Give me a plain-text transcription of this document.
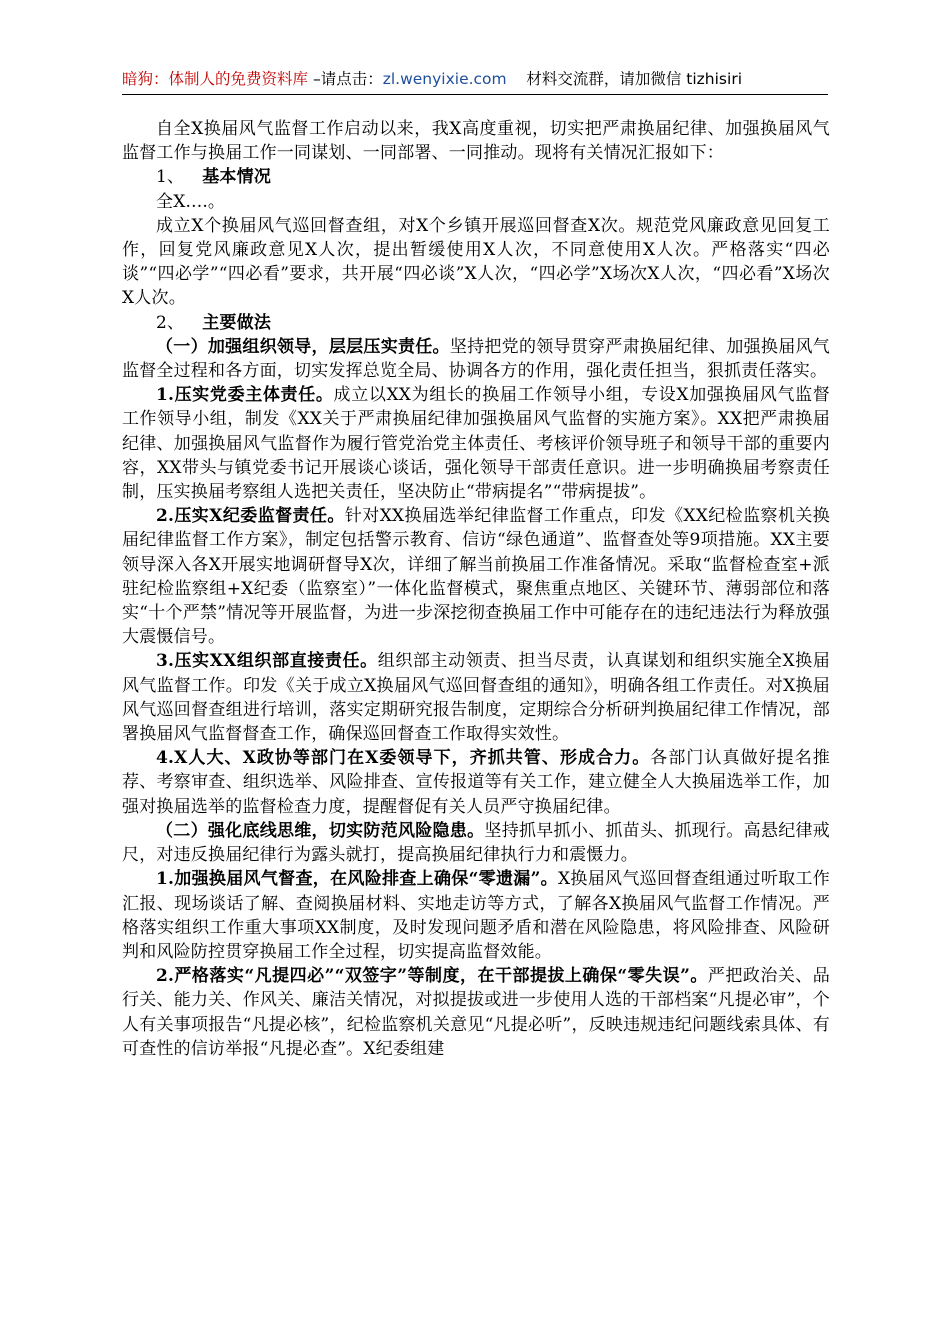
暗狗：体制人的免费资料库 –请点击：zl.wenyixie.com 材料交流群，请加微信 tizhisiri

自全X换届风气监督工作启动以来，我X高度重视，切实把严肃换届纪律、加强换届风气监督工作与换届工作一同谋划、一同部署、一同推动。现将有关情况汇报如下：

1、 基本情况

全X....。

成立X个换届风气巡回督查组，对X个乡镇开展巡回督查X次。规范党风廉政意见回复工作，回复党风廉政意见X人次，提出暂缓使用X人次，不同意使用X人次。严格落实“四必谈”“四必学”“四必看”要求，共开展“四必谈”X人次，“四必学”X场次X人次，“四必看”X场次X人次。

2、 主要做法

（一）加强组织领导，层层压实责任。坚持把党的领导贯穿严肃换届纪律、加强换届风气监督全过程和各方面，切实发挥总览全局、协调各方的作用，强化责任担当，狠抓责任落实。

1.压实党委主体责任。成立以XX为组长的换届工作领导小组，专设X加强换届风气监督工作领导小组，制发《XX关于严肃换届纪律加强换届风气监督的实施方案》。XX把严肃换届纪律、加强换届风气监督作为履行管党治党主体责任、考核评价领导班子和领导干部的重要内容，XX带头与镇党委书记开展谈心谈话，强化领导干部责任意识。进一步明确换届考察责任制，压实换届考察组人选把关责任，坚决防止“带病提名”“带病提拔”。

2.压实X纪委监督责任。针对XX换届选举纪律监督工作重点，印发《XX纪检监察机关换届纪律监督工作方案》，制定包括警示教育、信访“绿色通道”、监督查处等9项措施。XX主要领导深入各X开展实地调研督导X次，详细了解当前换届工作准备情况。采取“监督检查室+派驻纪检监察组+X纪委（监察室）”一体化监督模式，聚焦重点地区、关键环节、薄弱部位和落实“十个严禁”情况等开展监督，为进一步深挖彻查换届工作中可能存在的违纪违法行为释放强大震慑信号。

3.压实XX组织部直接责任。组织部主动领责、担当尽责，认真谋划和组织实施全X换届风气监督工作。印发《关于成立X换届风气巡回督查组的通知》，明确各组工作责任。对X换届风气巡回督查组进行培训，落实定期研究报告制度，定期综合分析研判换届纪律工作情况，部署换届风气监督督查工作，确保巡回督查工作取得实效性。

4.X人大、X政协等部门在X委领导下，齐抓共管、形成合力。各部门认真做好提名推荐、考察审查、组织选举、风险排查、宣传报道等有关工作，建立健全人大换届选举工作，加强对换届选举的监督检查力度，提醒督促有关人员严守换届纪律。

（二）强化底线思维，切实防范风险隐患。坚持抓早抓小、抓苗头、抓现行。高悬纪律戒尺，对违反换届纪律行为露头就打，提高换届纪律执行力和震慑力。

1.加强换届风气督查，在风险排查上确保“零遗漏”。X换届风气巡回督查组通过听取工作汇报、现场谈话了解、查阅换届材料、实地走访等方式，了解各X换届风气监督工作情况。严格落实组织工作重大事项XX制度，及时发现问题矛盾和潜在风险隐患，将风险排查、风险研判和风险防控贯穿换届工作全过程，切实提高监督效能。

2.严格落实“凡提四必”“双签字”等制度，在干部提拔上确保“零失误”。严把政治关、品行关、能力关、作风关、廉洁关情况，对拟提拔或进一步使用人选的干部档案“凡提必审”，个人有关事项报告“凡提必核”，纪检监察机关意见“凡提必听”，反映违规违纪问题线索具体、有可查性的信访举报“凡提必查”。X纪委组建
